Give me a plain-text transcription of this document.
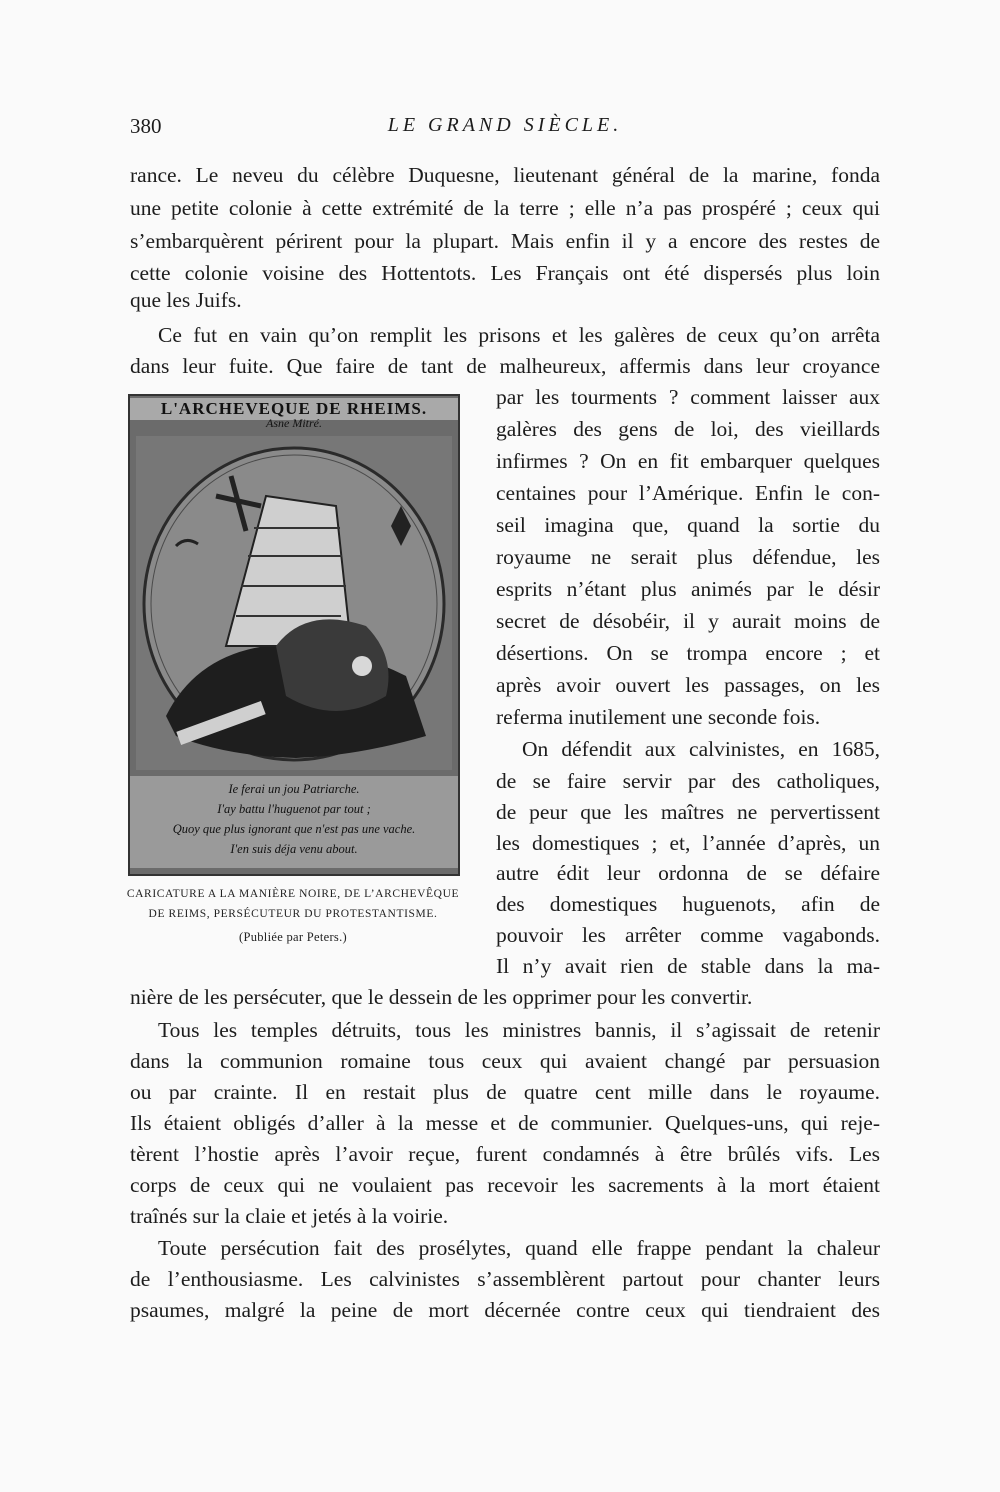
380	LE GRAND SIÈCLE.
rance. Le neveu du célèbre Duquesne, lieutenant général de la marine, fonda
une petite colonie à cette extrémité de la terre ; elle n’a pas prospéré ; ceux qui
s’embarquèrent périrent pour la plupart. Mais enfin il y a encore des restes de
cette colonie voisine des Hottentots. Les Français ont été dispersés plus loin
que les Juifs.
Ce fut en vain qu’on remplit les prisons et les galères de ceux qu’on arrêta
dans leur fuite. Que faire de tant de malheureux, affermis dans leur croyance
par les tourments ? comment laisser aux
galères des gens de loi, des vieillards
infirmes ? On en fit embarquer quelques
centaines pour l’Amérique. Enfin le con-
seil imagina que, quand la sortie du
royaume ne serait plus défendue, les
esprits n’étant plus animés par le désir
secret de désobéir, il y aurait moins de
désertions. On se trompa encore ; et
après avoir ouvert les passages, on les
referma inutilement une seconde fois.
On défendit aux calvinistes, en 1685,
de se faire servir par des catholiques,
de peur que les maîtres ne pervertissent
les domestiques ; et, l’année d’après, un
autre édit leur ordonna de se défaire
des domestiques huguenots, afin de
pouvoir les arrêter comme vagabonds.
Il n’y avait rien de stable dans la ma-
nière de les persécuter, que le dessein de les opprimer pour les convertir.
Tous les temples détruits, tous les ministres bannis, il s’agissait de retenir
dans la communion romaine tous ceux qui avaient changé par persuasion
ou par crainte. Il en restait plus de quatre cent mille dans le royaume.
Ils étaient obligés d’aller à la messe et de communier. Quelques-uns, qui reje-
tèrent l’hostie après l’avoir reçue, furent condamnés à être brûlés vifs. Les
corps de ceux qui ne voulaient pas recevoir les sacrements à la mort étaient
traînés sur la claie et jetés à la voirie.
Toute persécution fait des prosélytes, quand elle frappe pendant la chaleur
de l’enthousiasme. Les calvinistes s’assemblèrent partout pour chanter leurs
psaumes, malgré la peine de mort décernée contre ceux qui tiendraient des
L'ARCHEVEQUE DE RHEIMS.
Asne Mitré.
Ie ferai un jou Patriarche.
I'ay battu l'huguenot par tout ;
Quoy que plus ignorant que n'est pas une vache.
I'en suis déja venu about.
CARICATURE A LA MANIÈRE NOIRE, DE L’ARCHEVÊQUE
DE REIMS, PERSÉCUTEUR DU PROTESTANTISME.
(Publiée par Peters.)
